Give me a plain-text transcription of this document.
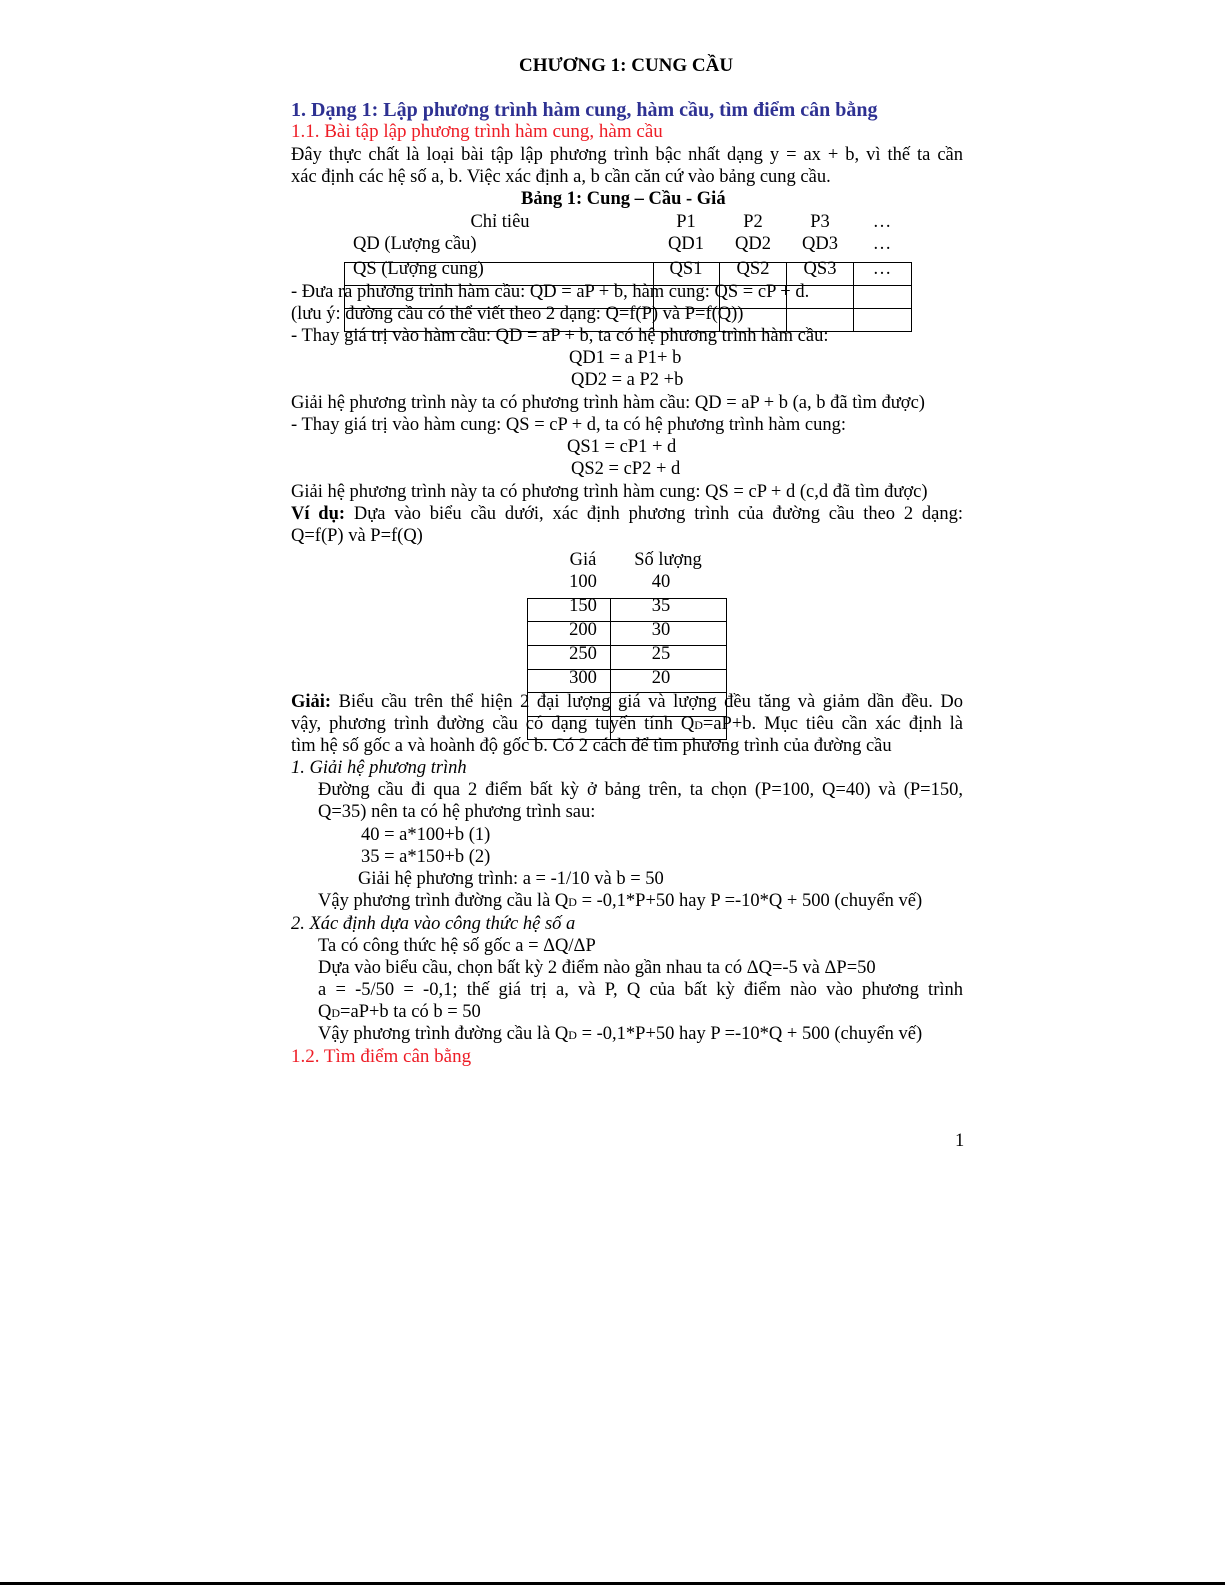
CHƯƠNG 1: CUNG CẦU
1. Dạng 1: Lập phương trình hàm cung, hàm cầu, tìm điểm cân bằng
1.1. Bài tập lập phương trình hàm cung, hàm cầu
Đây thực chất là loại bài tập lập phương trình bậc nhất dạng y = ax + b, vì thế ta cần
xác định các hệ số a, b. Việc xác định a, b cần căn cứ vào bảng cung cầu.
Bảng 1: Cung – Cầu - Giá
Chỉ tiêu	P1	P2	P3	…
QD (Lượng cầu)	QD1	QD2	QD3	…
QS (Lượng cung)	QS1	QS2	QS3	…
- Đưa ra phương trình hàm cầu: QD = aP + b, hàm cung: QS = cP + d.
(lưu ý: đường cầu có thể viết theo 2 dạng: Q=f(P) và P=f(Q))
- Thay giá trị vào hàm cầu: QD = aP + b, ta có hệ phương trình hàm cầu:
QD1 = a P1+ b
QD2 = a P2 +b
Giải hệ phương trình này ta có phương trình hàm cầu: QD = aP + b (a, b đã tìm được)
- Thay giá trị vào hàm cung: QS = cP + d, ta có hệ phương trình hàm cung:
QS1 = cP1 + d
QS2 = cP2 + d
Giải hệ phương trình này ta có phương trình hàm cung: QS = cP + d (c,d đã tìm được)
Ví dụ: Dựa vào biểu cầu dưới, xác định phương trình của đường cầu theo 2 dạng:
Q=f(P) và P=f(Q)
Giá	Số lượng
100	40
150	35
200	30
250	25
300	20
Giải: Biểu cầu trên thể hiện 2 đại lượng giá và lượng đều tăng và giảm dần đều. Do
vậy, phương trình đường cầu có dạng tuyến tính QD=aP+b. Mục tiêu cần xác định là
tìm hệ số gốc a và hoành độ gốc b. Có 2 cách để tìm phương trình của đường cầu
1. Giải hệ phương trình
Đường cầu đi qua 2 điểm bất kỳ ở bảng trên, ta chọn (P=100, Q=40) và (P=150,
Q=35) nên ta có hệ phương trình sau:
40 = a*100+b (1)
35 = a*150+b (2)
Giải hệ phương trình: a = -1/10 và b = 50
Vậy phương trình đường cầu là QD = -0,1*P+50 hay P =-10*Q + 500 (chuyển vế)
2. Xác định dựa vào công thức hệ số a
Ta có công thức hệ số gốc a = ΔQ/ΔP
Dựa vào biểu cầu, chọn bất kỳ 2 điểm nào gần nhau ta có ΔQ=-5 và ΔP=50
a = -5/50 = -0,1; thế giá trị a, và P, Q của bất kỳ điểm nào vào phương trình
QD=aP+b ta có b = 50
Vậy phương trình đường cầu là QD = -0,1*P+50 hay P =-10*Q + 500 (chuyển vế)
1.2. Tìm điểm cân bằng
1
